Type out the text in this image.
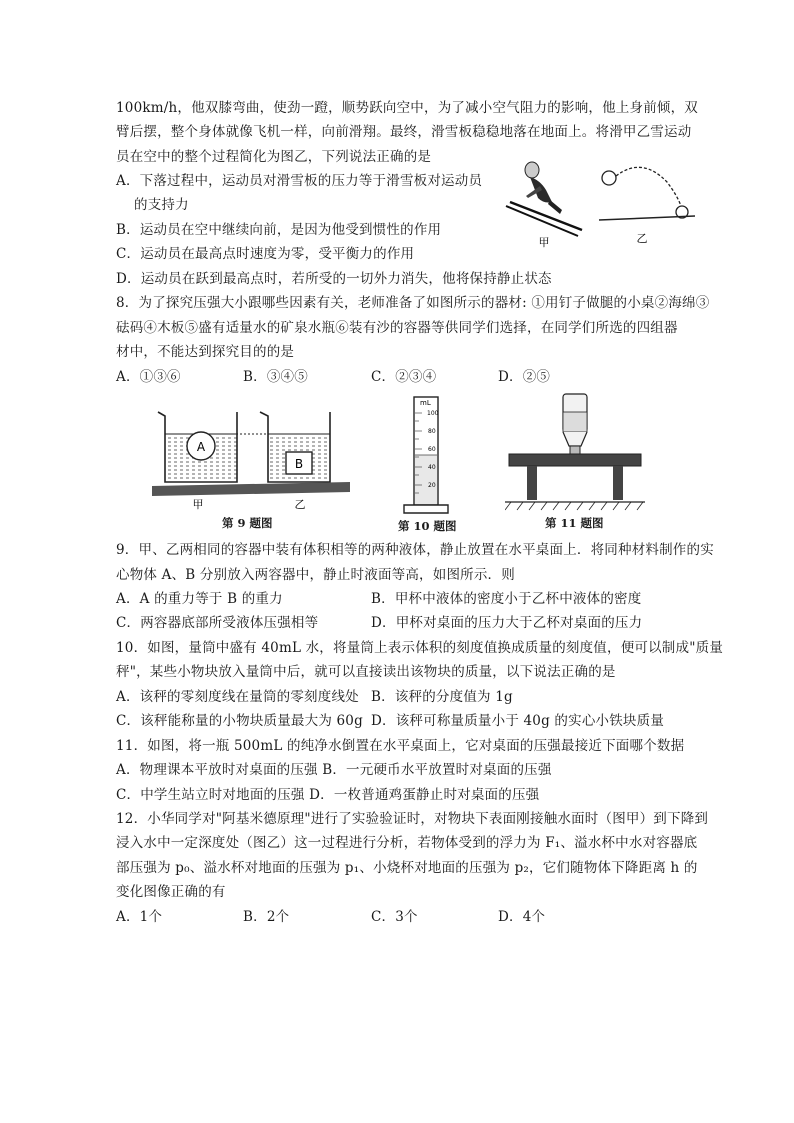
100km/h，他双膝弯曲，使劲一蹬，顺势跃向空中，为了减小空气阻力的影响，他上身前倾，双
臂后摆，整个身体就像飞机一样，向前滑翔。最终，滑雪板稳稳地落在地面上。将滑甲乙雪运动
员在空中的整个过程简化为图乙，下列说法正确的是
A．下落过程中，运动员对滑雪板的压力等于滑雪板对运动员
的支持力
B．运动员在空中继续向前，是因为他受到惯性的作用
C．运动员在最高点时速度为零，受平衡力的作用
D．运动员在跃到最高点时，若所受的一切外力消失，他将保持静止状态
甲	乙
8．为了探究压强大小跟哪些因素有关，老师准备了如图所示的器材: ①用钉子做腿的小桌②海绵③
砝码④木板⑤盛有适量水的矿泉水瓶⑥装有沙的容器等供同学们选择，在同学们所选的四组器
材中，不能达到探究目的的是
A．①③⑥	B．③④⑤	C．②③④	D．②⑤
A
B
甲	乙
第 9 题图
mL
100
80
60
40
20
第 10 题图	第 11 题图
9．甲、乙两相同的容器中装有体积相等的两种液体，静止放置在水平桌面上．将同种材料制作的实
心物体 A、B 分别放入两容器中，静止时液面等高，如图所示．则
A．A 的重力等于 B 的重力	B．甲杯中液体的密度小于乙杯中液体的密度
C．两容器底部所受液体压强相等	D．甲杯对桌面的压力大于乙杯对桌面的压力
10．如图，量筒中盛有 40mL 水，将量筒上表示体积的刻度值换成质量的刻度值，便可以制成"质量
秤"，某些小物块放入量筒中后，就可以直接读出该物块的质量，以下说法正确的是
A．该秤的零刻度线在量筒的零刻度线处 B．该秤的分度值为 1g
C．该秤能称量的小物块质量最大为 60g D．该秤可称量质量小于 40g 的实心小铁块质量
11．如图，将一瓶 500mL 的纯净水倒置在水平桌面上，它对桌面的压强最接近下面哪个数据
A．物理课本平放时对桌面的压强 B．一元硬币水平放置时对桌面的压强
C．中学生站立时对地面的压强 D．一枚普通鸡蛋静止时对桌面的压强
12．小华同学对"阿基米德原理"进行了实验验证时，对物块下表面刚接触水面时（图甲）到下降到
浸入水中一定深度处（图乙）这一过程进行分析，若物体受到的浮力为 F₁、溢水杯中水对容器底
部压强为 p₀、溢水杯对地面的压强为 p₁、小烧杯对地面的压强为 p₂，它们随物体下降距离 h 的
变化图像正确的有
A．1个	B．2个	C．3个	D．4个
